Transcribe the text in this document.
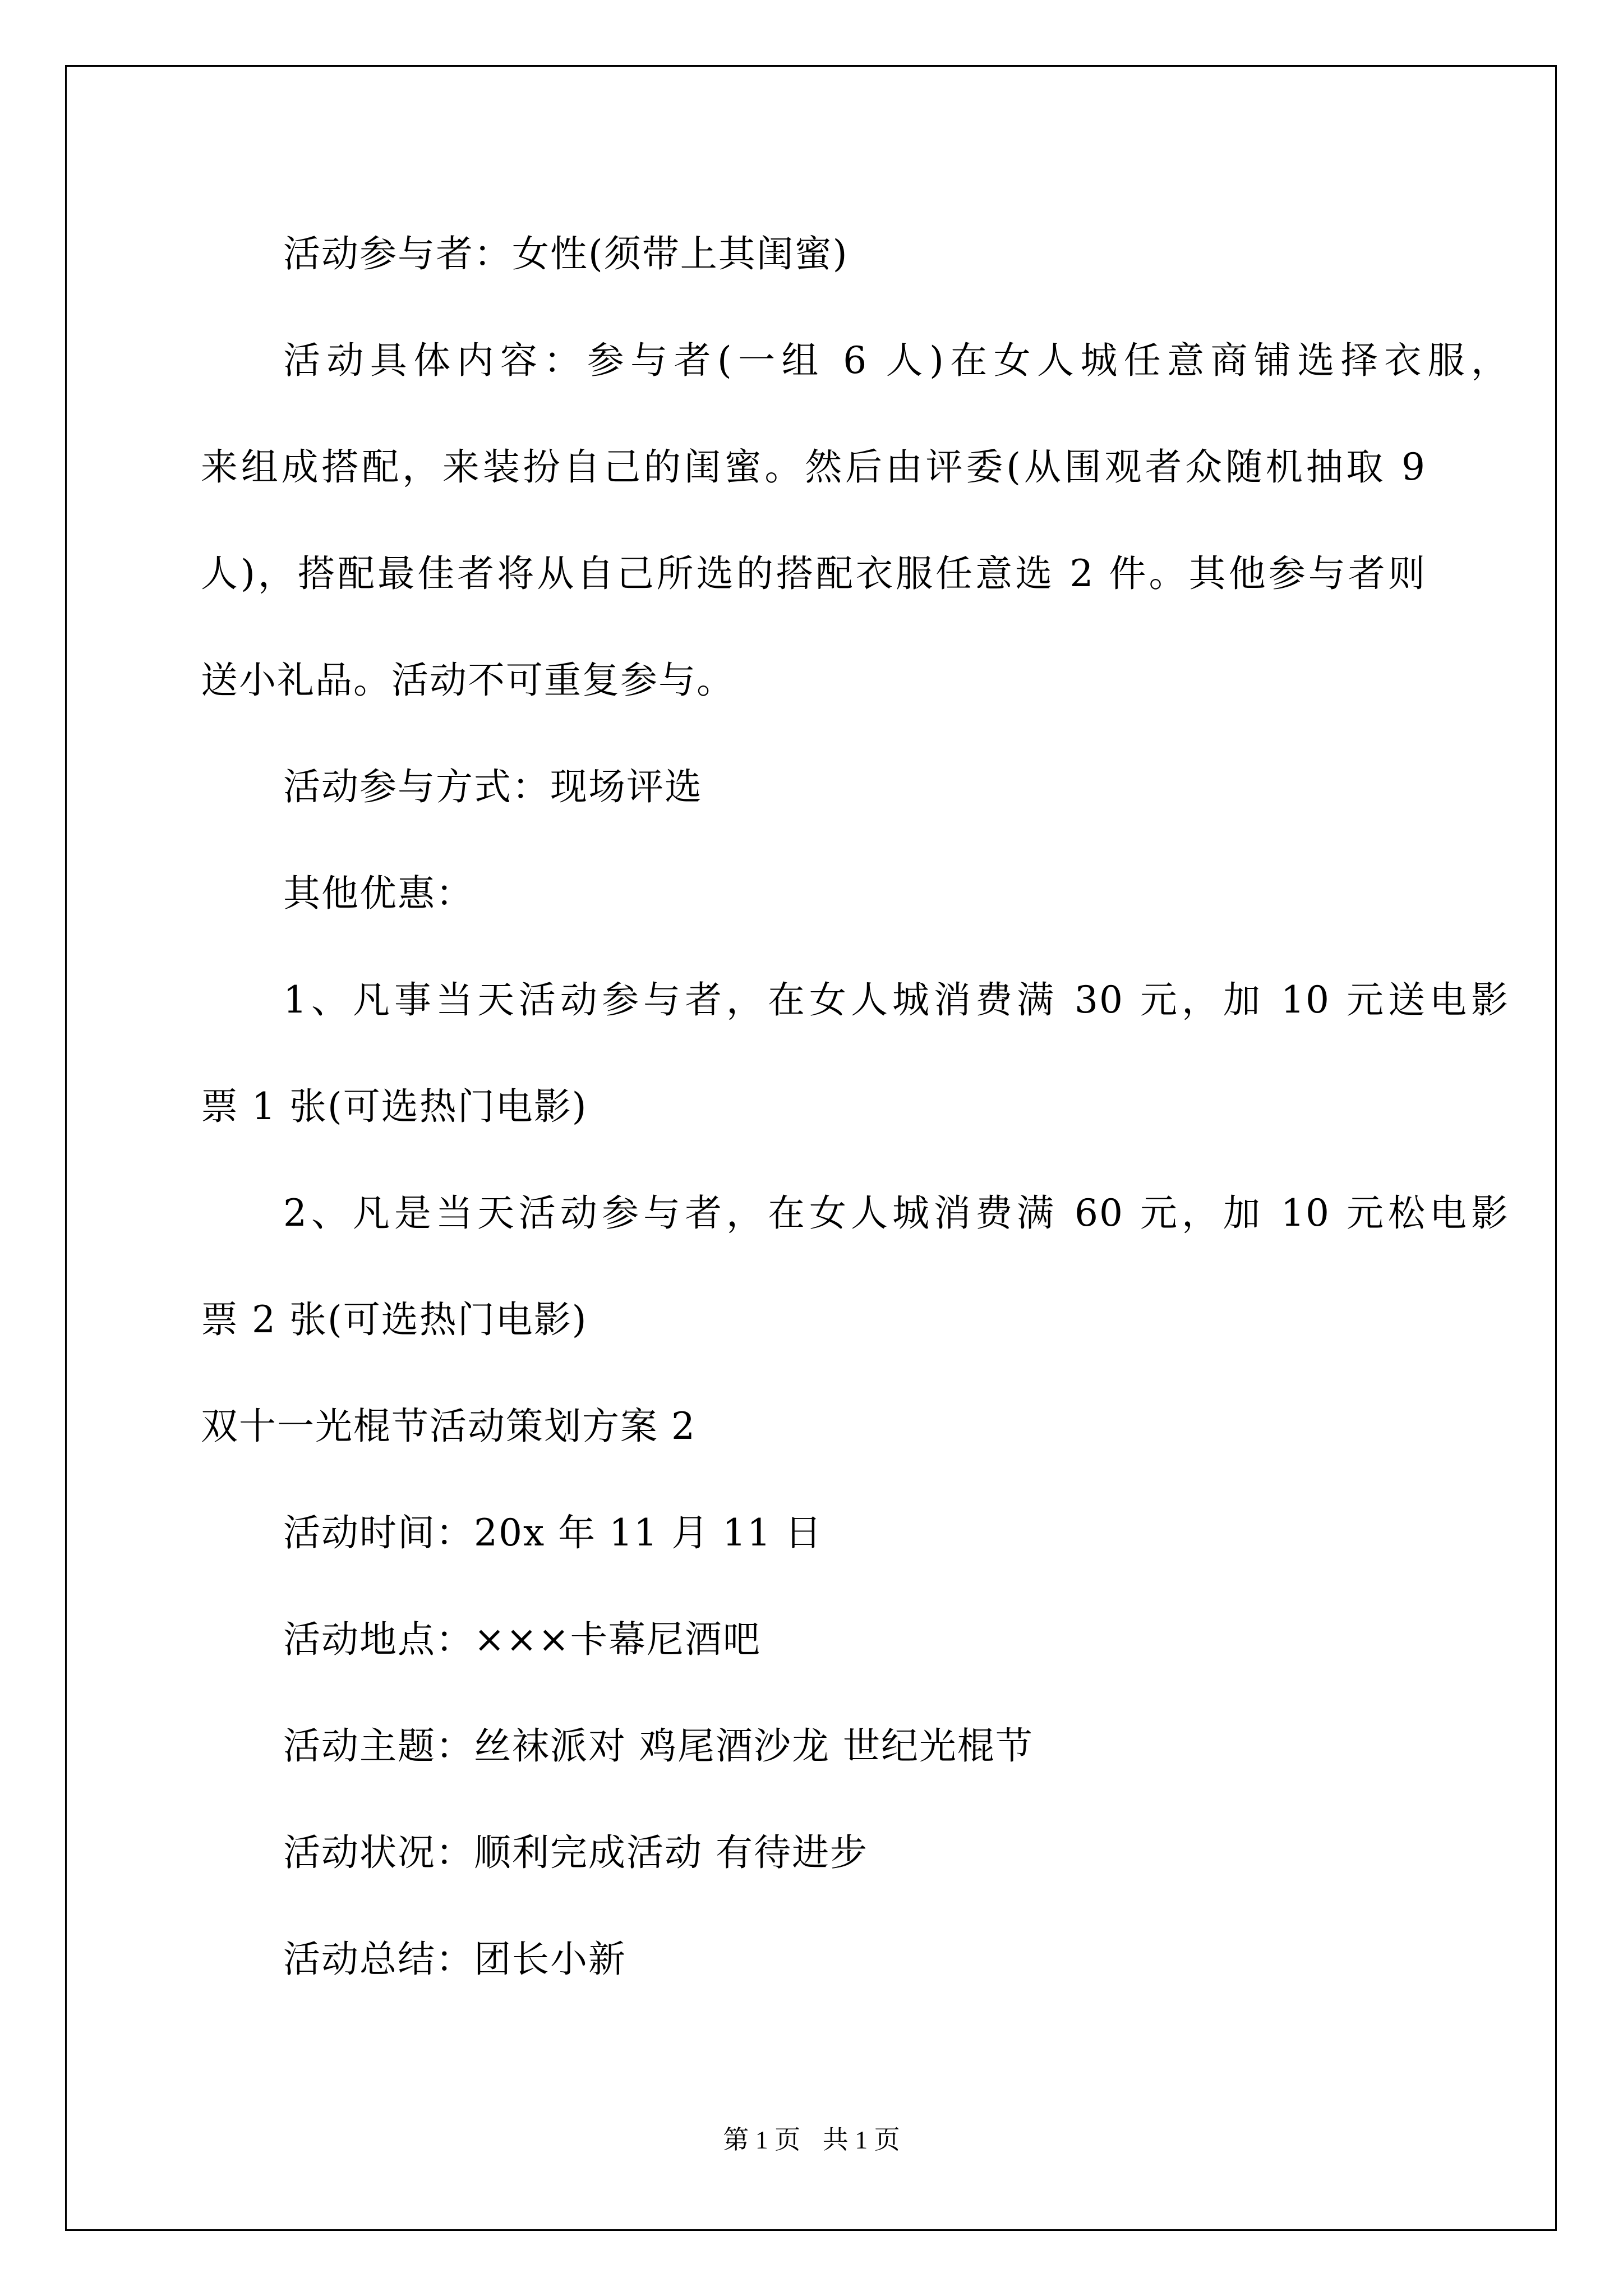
活动参与者：女性(须带上其闺蜜)
活动具体内容：参与者(一组 6 人)在女人城任意商铺选择衣服，
来组成搭配，来装扮自己的闺蜜。然后由评委(从围观者众随机抽取 9
人)，搭配最佳者将从自己所选的搭配衣服任意选 2 件。其他参与者则
送小礼品。活动不可重复参与。
活动参与方式：现场评选
其他优惠：
1、凡事当天活动参与者，在女人城消费满 30 元，加 10 元送电影
票 1 张(可选热门电影)
2、凡是当天活动参与者，在女人城消费满 60 元，加 10 元松电影
票 2 张(可选热门电影)
双十一光棍节活动策划方案 2
活动时间：20x 年 11 月 11 日
活动地点：×××卡幕尼酒吧
活动主题：丝袜派对 鸡尾酒沙龙 世纪光棍节
活动状况：顺利完成活动 有待进步
活动总结：团长小新
第 1 页 共 1 页
